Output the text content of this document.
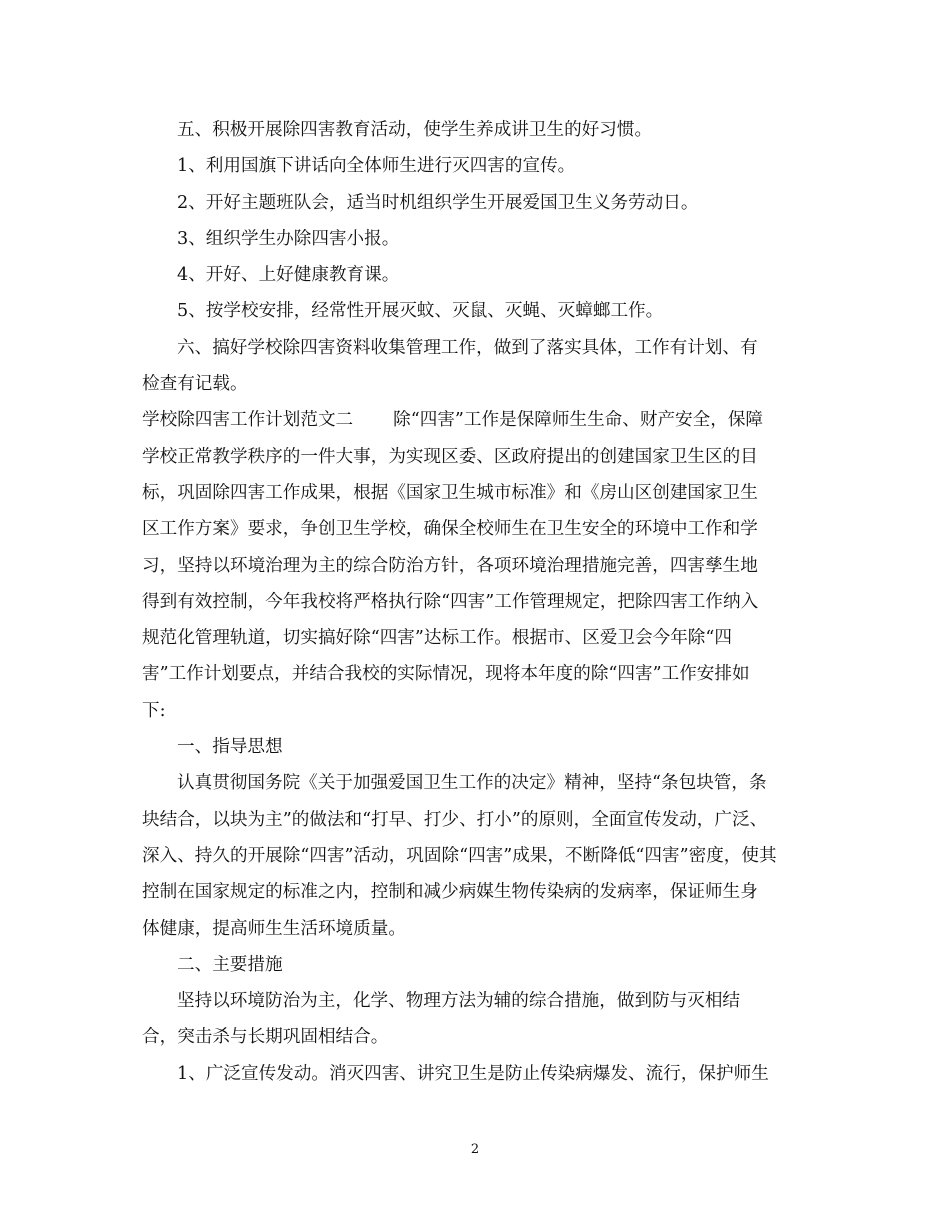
五、积极开展除四害教育活动，使学生养成讲卫生的好习惯。
1、利用国旗下讲话向全体师生进行灭四害的宣传。
2、开好主题班队会，适当时机组织学生开展爱国卫生义务劳动日。
3、组织学生办除四害小报。
4、开好、上好健康教育课。
5、按学校安排，经常性开展灭蚊、灭鼠、灭蝇、灭蟑螂工作。
六、搞好学校除四害资料收集管理工作，做到了落实具体，工作有计划、有
检查有记载。
学校除四害工作计划范文二 除“四害”工作是保障师生生命、财产安全，保障
学校正常教学秩序的一件大事，为实现区委、区政府提出的创建国家卫生区的目
标，巩固除四害工作成果，根据《国家卫生城市标准》和《房山区创建国家卫生
区工作方案》要求，争创卫生学校，确保全校师生在卫生安全的环境中工作和学
习，坚持以环境治理为主的综合防治方针，各项环境治理措施完善，四害孳生地
得到有效控制，今年我校将严格执行除“四害”工作管理规定，把除四害工作纳入
规范化管理轨道，切实搞好除“四害”达标工作。根据市、区爱卫会今年除“四
害”工作计划要点，并结合我校的实际情况，现将本年度的除“四害”工作安排如
下:
一、指导思想
认真贯彻国务院《关于加强爱国卫生工作的决定》精神，坚持“条包块管，条
块结合，以块为主”的做法和“打早、打少、打小”的原则，全面宣传发动，广泛、
深入、持久的开展除“四害”活动，巩固除“四害”成果，不断降低“四害”密度，使其
控制在国家规定的标准之内，控制和减少病媒生物传染病的发病率，保证师生身
体健康，提高师生生活环境质量。
二、主要措施
坚持以环境防治为主，化学、物理方法为辅的综合措施，做到防与灭相结
合，突击杀与长期巩固相结合。
1、广泛宣传发动。消灭四害、讲究卫生是防止传染病爆发、流行，保护师生
2
